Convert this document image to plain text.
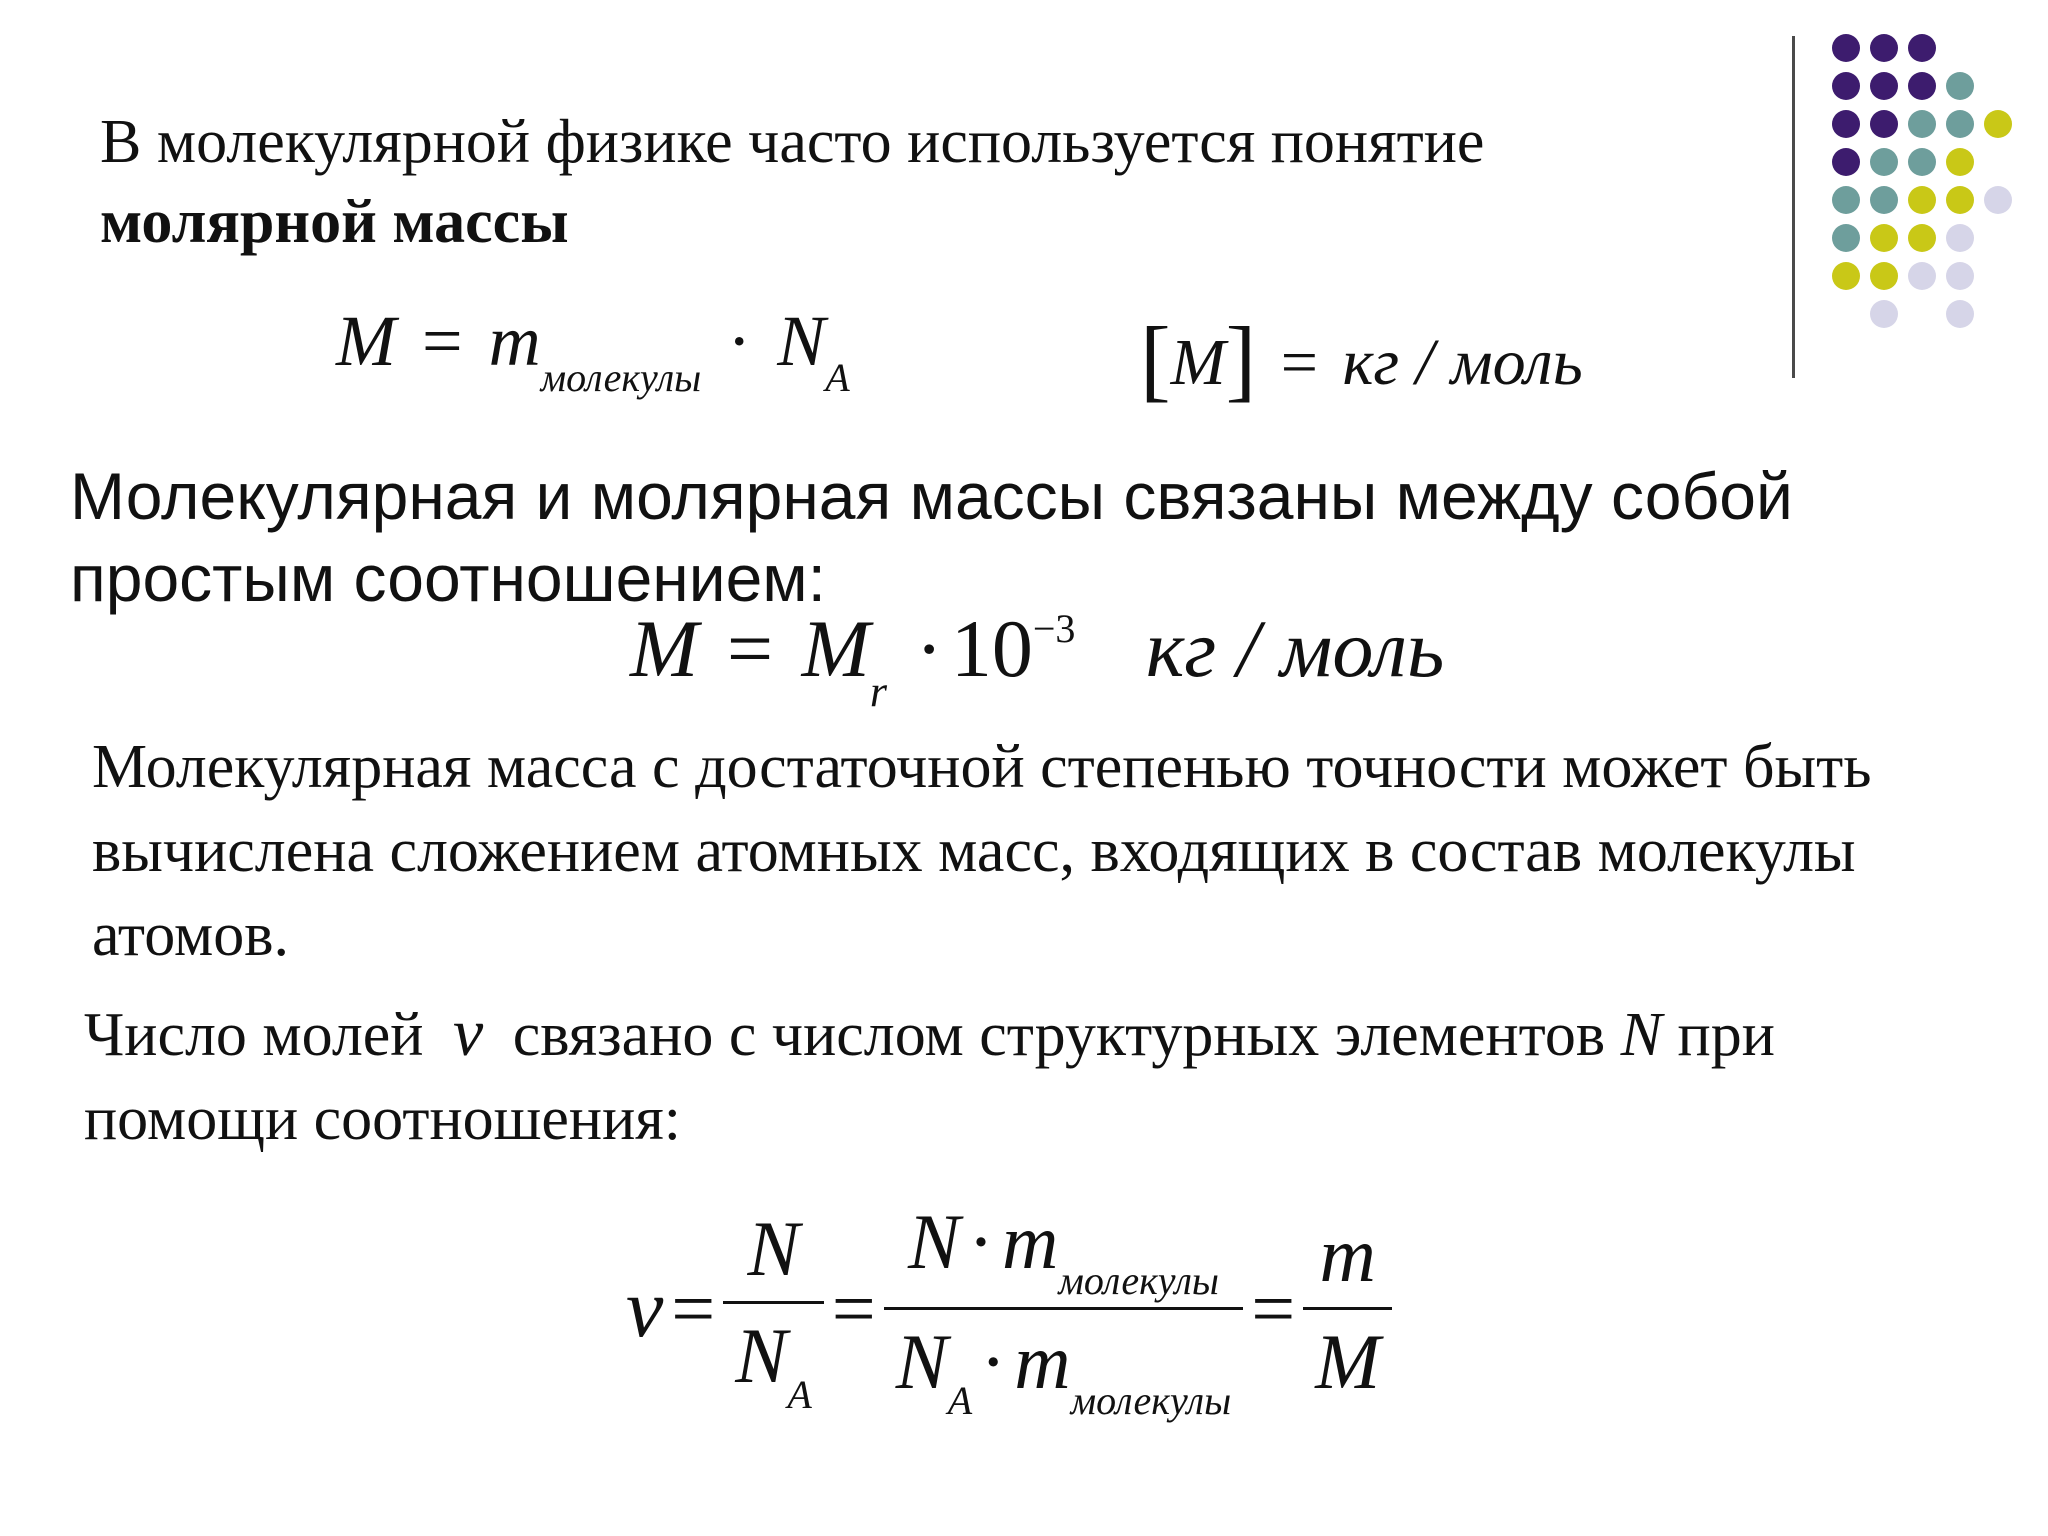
В молекулярной физике часто используется понятие
молярной массы
$M = m_{молекулы} \cdot N_A$	[M] = кг / моль
Молекулярная и молярная массы связаны между собой простым соотношением:
$M = M_r \cdot 10^{-3}$ кг / моль
Молекулярная масса с достаточной степенью точности может быть вычислена сложением атомных масс, входящих в состав молекулы атомов.
Число молей ν связано с числом структурных элементов N при помощи соотношения:
$\nu = \frac{N}{N_A} = \frac{N \cdot m_{молекулы}}{N_A \cdot m_{молекулы}} = \frac{m}{M}$
